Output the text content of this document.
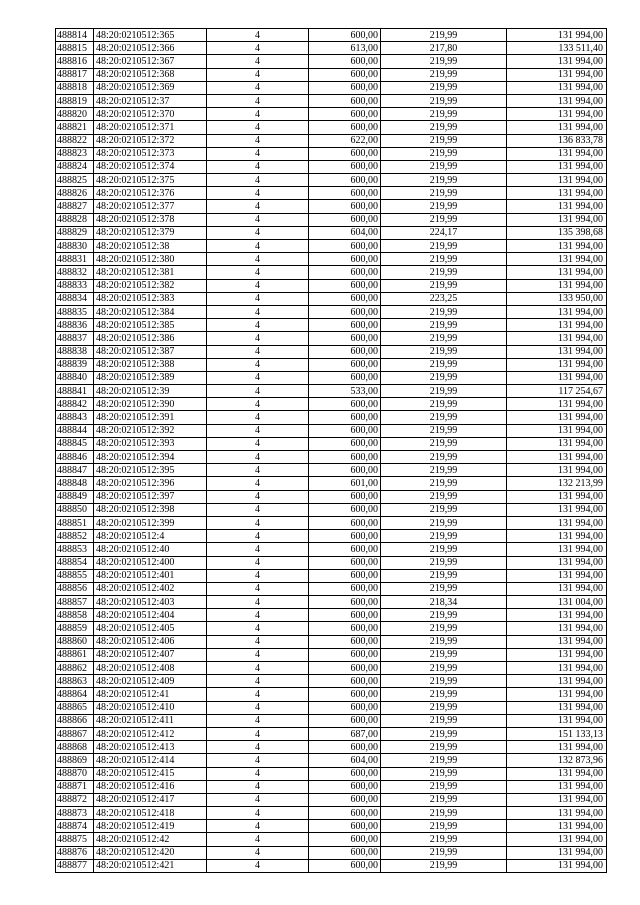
488814	48:20:0210512:365	4	600,00	219,99	131 994,00
488815	48:20:0210512:366	4	613,00	217,80	133 511,40
488816	48:20:0210512:367	4	600,00	219,99	131 994,00
488817	48:20:0210512:368	4	600,00	219,99	131 994,00
488818	48:20:0210512:369	4	600,00	219,99	131 994,00
488819	48:20:0210512:37	4	600,00	219,99	131 994,00
488820	48:20:0210512:370	4	600,00	219,99	131 994,00
488821	48:20:0210512:371	4	600,00	219,99	131 994,00
488822	48:20:0210512:372	4	622,00	219,99	136 833,78
488823	48:20:0210512:373	4	600,00	219,99	131 994,00
488824	48:20:0210512:374	4	600,00	219,99	131 994,00
488825	48:20:0210512:375	4	600,00	219,99	131 994,00
488826	48:20:0210512:376	4	600,00	219,99	131 994,00
488827	48:20:0210512:377	4	600,00	219,99	131 994,00
488828	48:20:0210512:378	4	600,00	219,99	131 994,00
488829	48:20:0210512:379	4	604,00	224,17	135 398,68
488830	48:20:0210512:38	4	600,00	219,99	131 994,00
488831	48:20:0210512:380	4	600,00	219,99	131 994,00
488832	48:20:0210512:381	4	600,00	219,99	131 994,00
488833	48:20:0210512:382	4	600,00	219,99	131 994,00
488834	48:20:0210512:383	4	600,00	223,25	133 950,00
488835	48:20:0210512:384	4	600,00	219,99	131 994,00
488836	48:20:0210512:385	4	600,00	219,99	131 994,00
488837	48:20:0210512:386	4	600,00	219,99	131 994,00
488838	48:20:0210512:387	4	600,00	219,99	131 994,00
488839	48:20:0210512:388	4	600,00	219,99	131 994,00
488840	48:20:0210512:389	4	600,00	219,99	131 994,00
488841	48:20:0210512:39	4	533,00	219,99	117 254,67
488842	48:20:0210512:390	4	600,00	219,99	131 994,00
488843	48:20:0210512:391	4	600,00	219,99	131 994,00
488844	48:20:0210512:392	4	600,00	219,99	131 994,00
488845	48:20:0210512:393	4	600,00	219,99	131 994,00
488846	48:20:0210512:394	4	600,00	219,99	131 994,00
488847	48:20:0210512:395	4	600,00	219,99	131 994,00
488848	48:20:0210512:396	4	601,00	219,99	132 213,99
488849	48:20:0210512:397	4	600,00	219,99	131 994,00
488850	48:20:0210512:398	4	600,00	219,99	131 994,00
488851	48:20:0210512:399	4	600,00	219,99	131 994,00
488852	48:20:0210512:4	4	600,00	219,99	131 994,00
488853	48:20:0210512:40	4	600,00	219,99	131 994,00
488854	48:20:0210512:400	4	600,00	219,99	131 994,00
488855	48:20:0210512:401	4	600,00	219,99	131 994,00
488856	48:20:0210512:402	4	600,00	219,99	131 994,00
488857	48:20:0210512:403	4	600,00	218,34	131 004,00
488858	48:20:0210512:404	4	600,00	219,99	131 994,00
488859	48:20:0210512:405	4	600,00	219,99	131 994,00
488860	48:20:0210512:406	4	600,00	219,99	131 994,00
488861	48:20:0210512:407	4	600,00	219,99	131 994,00
488862	48:20:0210512:408	4	600,00	219,99	131 994,00
488863	48:20:0210512:409	4	600,00	219,99	131 994,00
488864	48:20:0210512:41	4	600,00	219,99	131 994,00
488865	48:20:0210512:410	4	600,00	219,99	131 994,00
488866	48:20:0210512:411	4	600,00	219,99	131 994,00
488867	48:20:0210512:412	4	687,00	219,99	151 133,13
488868	48:20:0210512:413	4	600,00	219,99	131 994,00
488869	48:20:0210512:414	4	604,00	219,99	132 873,96
488870	48:20:0210512:415	4	600,00	219,99	131 994,00
488871	48:20:0210512:416	4	600,00	219,99	131 994,00
488872	48:20:0210512:417	4	600,00	219,99	131 994,00
488873	48:20:0210512:418	4	600,00	219,99	131 994,00
488874	48:20:0210512:419	4	600,00	219,99	131 994,00
488875	48:20:0210512:42	4	600,00	219,99	131 994,00
488876	48:20:0210512:420	4	600,00	219,99	131 994,00
488877	48:20:0210512:421	4	600,00	219,99	131 994,00
